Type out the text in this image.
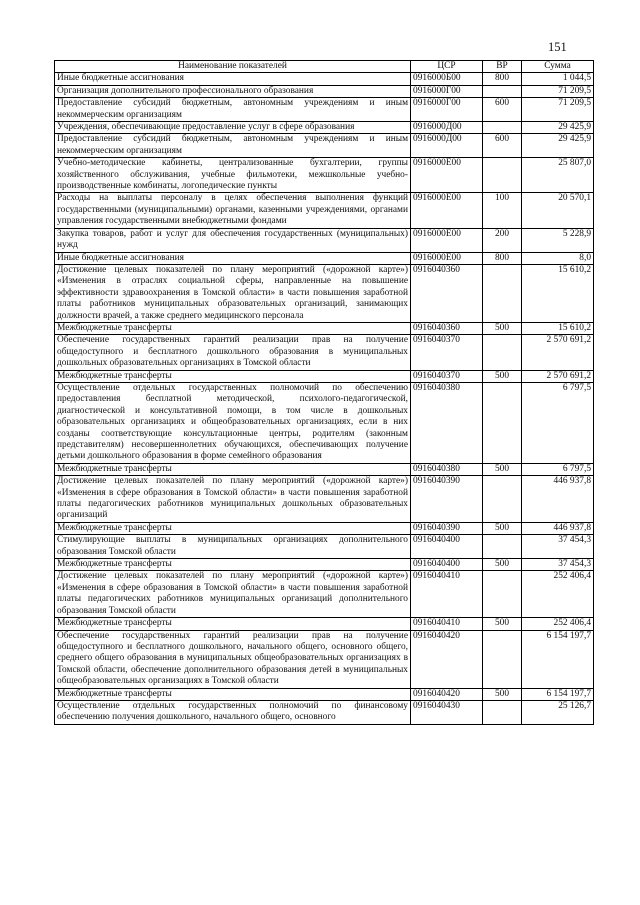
151
Наименование показателей	ЦСР	ВР	Сумма
Иные бюджетные ассигнования	0916000Б00	800	1 044,5
Организация дополнительного профессионального образования	0916000Г00		71 209,5
Предоставление субсидий бюджетным, автономным учреждениям и иным некоммерческим организациям	0916000Г00	600	71 209,5
Учреждения, обеспечивающие предоставление услуг в сфере образования	0916000Д00		29 425,9
Предоставление субсидий бюджетным, автономным учреждениям и иным некоммерческим организациям	0916000Д00	600	29 425,9
Учебно-методические кабинеты, централизованные бухгалтерии, группы хозяйственного обслуживания, учебные фильмотеки, межшкольные учебно-производственные комбинаты, логопедические пункты	0916000Е00		25 807,0
Расходы на выплаты персоналу в целях обеспечения выполнения функций государственными (муниципальными) органами, казенными учреждениями, органами управления государственными внебюджетными фондами	0916000Е00	100	20 570,1
Закупка товаров, работ и услуг для обеспечения государственных (муниципальных) нужд	0916000Е00	200	5 228,9
Иные бюджетные ассигнования	0916000Е00	800	8,0
Достижение целевых показателей по плану мероприятий («дорожной карте») «Изменения в отраслях социальной сферы, направленные на повышение эффективности здравоохранения в Томской области» в части повышения заработной платы работников муниципальных образовательных организаций, занимающих должности врачей, а также среднего медицинского персонала	0916040360		15 610,2
Межбюджетные трансферты	0916040360	500	15 610,2
Обеспечение государственных гарантий реализации прав на получение общедоступного и бесплатного дошкольного образования в муниципальных дошкольных образовательных организациях в Томской области	0916040370		2 570 691,2
Межбюджетные трансферты	0916040370	500	2 570 691,2
Осуществление отдельных государственных полномочий по обеспечению предоставления бесплатной методической, психолого-педагогической, диагностической и консультативной помощи, в том числе в дошкольных образовательных организациях и общеобразовательных организациях, если в них созданы соответствующие консультационные центры, родителям (законным представителям) несовершеннолетних обучающихся, обеспечивающих получение детьми дошкольного образования в форме семейного образования	0916040380		6 797,5
Межбюджетные трансферты	0916040380	500	6 797,5
Достижение целевых показателей по плану мероприятий («дорожной карте») «Изменения в сфере образования в Томской области» в части повышения заработной платы педагогических работников муниципальных дошкольных образовательных организаций	0916040390		446 937,8
Межбюджетные трансферты	0916040390	500	446 937,8
Стимулирующие выплаты в муниципальных организациях дополнительного образования Томской области	0916040400		37 454,3
Межбюджетные трансферты	0916040400	500	37 454,3
Достижение целевых показателей по плану мероприятий («дорожной карте») «Изменения в сфере образования в Томской области» в части повышения заработной платы педагогических работников муниципальных организаций дополнительного образования Томской области	0916040410		252 406,4
Межбюджетные трансферты	0916040410	500	252 406,4
Обеспечение государственных гарантий реализации прав на получение общедоступного и бесплатного дошкольного, начального общего, основного общего, среднего общего образования в муниципальных общеобразовательных организациях в Томской области, обеспечение дополнительного образования детей в муниципальных общеобразовательных организациях в Томской области	0916040420		6 154 197,7
Межбюджетные трансферты	0916040420	500	6 154 197,7
Осуществление отдельных государственных полномочий по финансовому обеспечению получения дошкольного, начального общего, основного	0916040430		25 126,7
